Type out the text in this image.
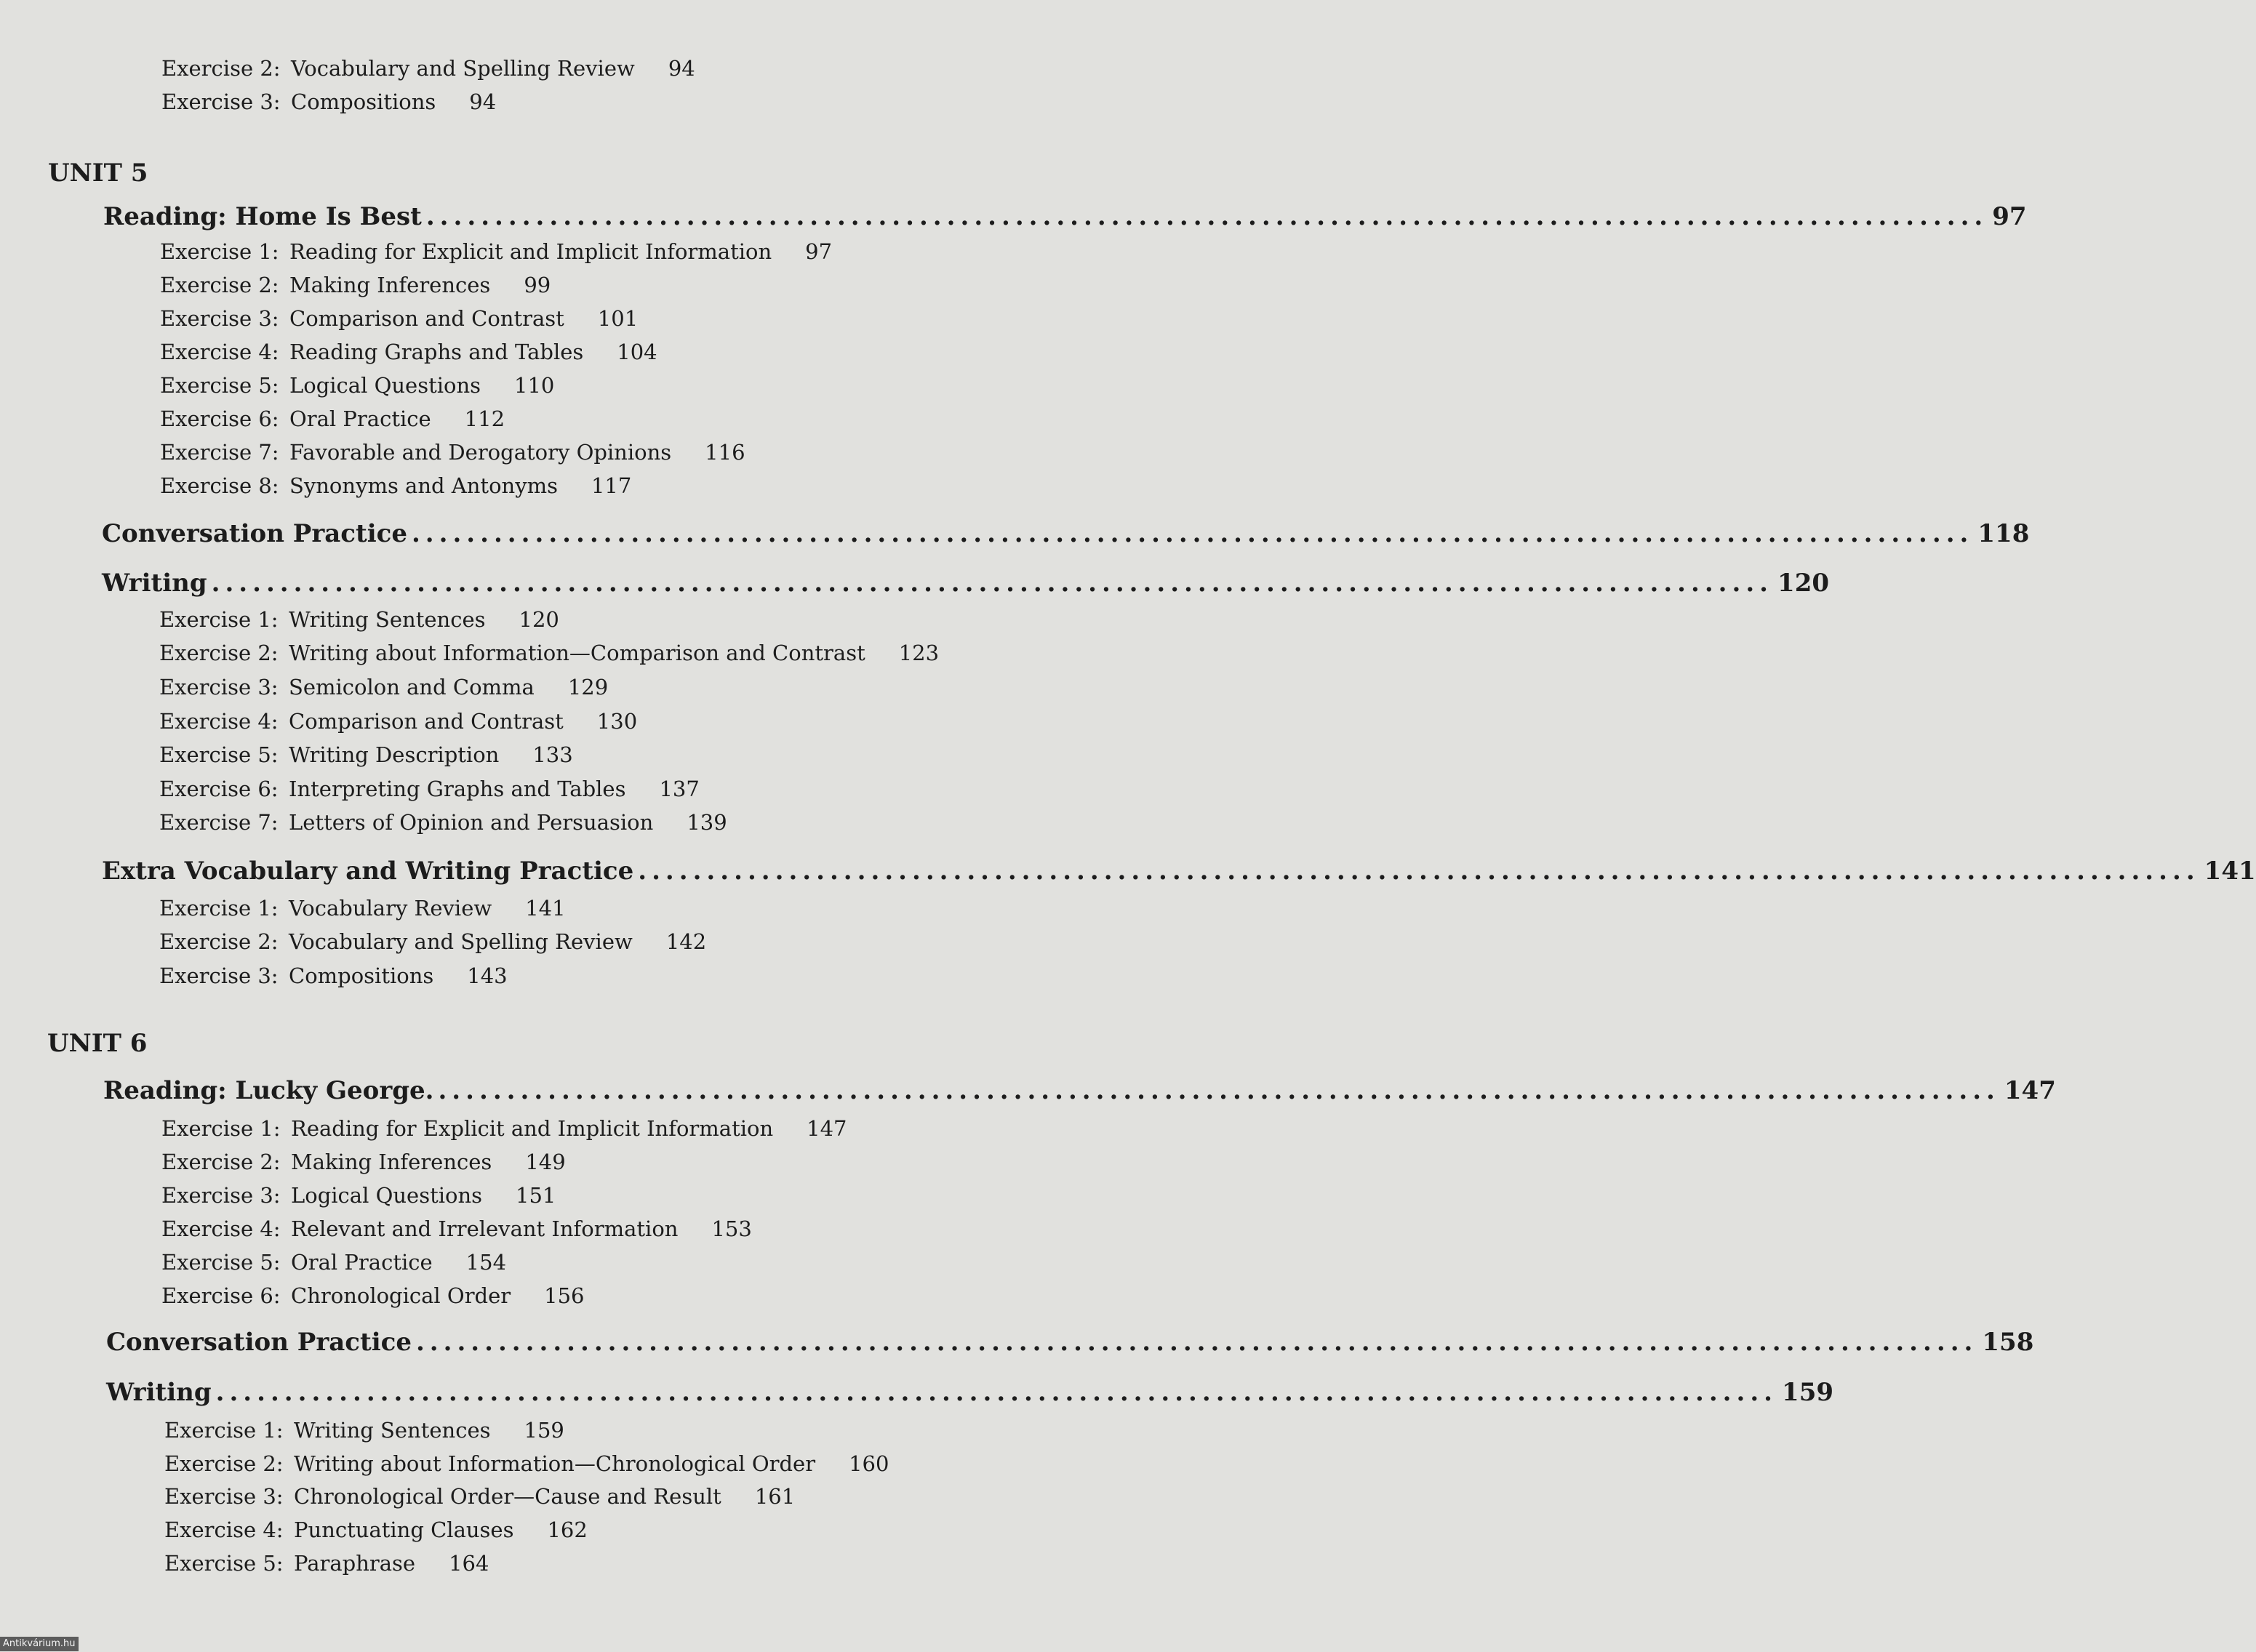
Exercise 2: Vocabulary and Spelling Review 94
Exercise 3: Compositions 94
UNIT 5
Reading: Home Is Best .................................................................................................................. 97
Exercise 1: Reading for Explicit and Implicit Information 97
Exercise 2: Making Inferences 99
Exercise 3: Comparison and Contrast 101
Exercise 4: Reading Graphs and Tables 104
Exercise 5: Logical Questions 110
Exercise 6: Oral Practice 112
Exercise 7: Favorable and Derogatory Opinions 116
Exercise 8: Synonyms and Antonyms 117
Conversation Practice .................................................................................................................. 118
Writing .................................................................................................................. 120
Exercise 1: Writing Sentences 120
Exercise 2: Writing about Information—Comparison and Contrast 123
Exercise 3: Semicolon and Comma 129
Exercise 4: Comparison and Contrast 130
Exercise 5: Writing Description 133
Exercise 6: Interpreting Graphs and Tables 137
Exercise 7: Letters of Opinion and Persuasion 139
Extra Vocabulary and Writing Practice .................................................................................................................. 141
Exercise 1: Vocabulary Review 141
Exercise 2: Vocabulary and Spelling Review 142
Exercise 3: Compositions 143
UNIT 6
Reading: Lucky George. .................................................................................................................. 147
Exercise 1: Reading for Explicit and Implicit Information 147
Exercise 2: Making Inferences 149
Exercise 3: Logical Questions 151
Exercise 4: Relevant and Irrelevant Information 153
Exercise 5: Oral Practice 154
Exercise 6: Chronological Order 156
Conversation Practice .................................................................................................................. 158
Writing .................................................................................................................. 159
Exercise 1: Writing Sentences 159
Exercise 2: Writing about Information—Chronological Order 160
Exercise 3: Chronological Order—Cause and Result 161
Exercise 4: Punctuating Clauses 162
Exercise 5: Paraphrase 164
Antikvárium.hu
